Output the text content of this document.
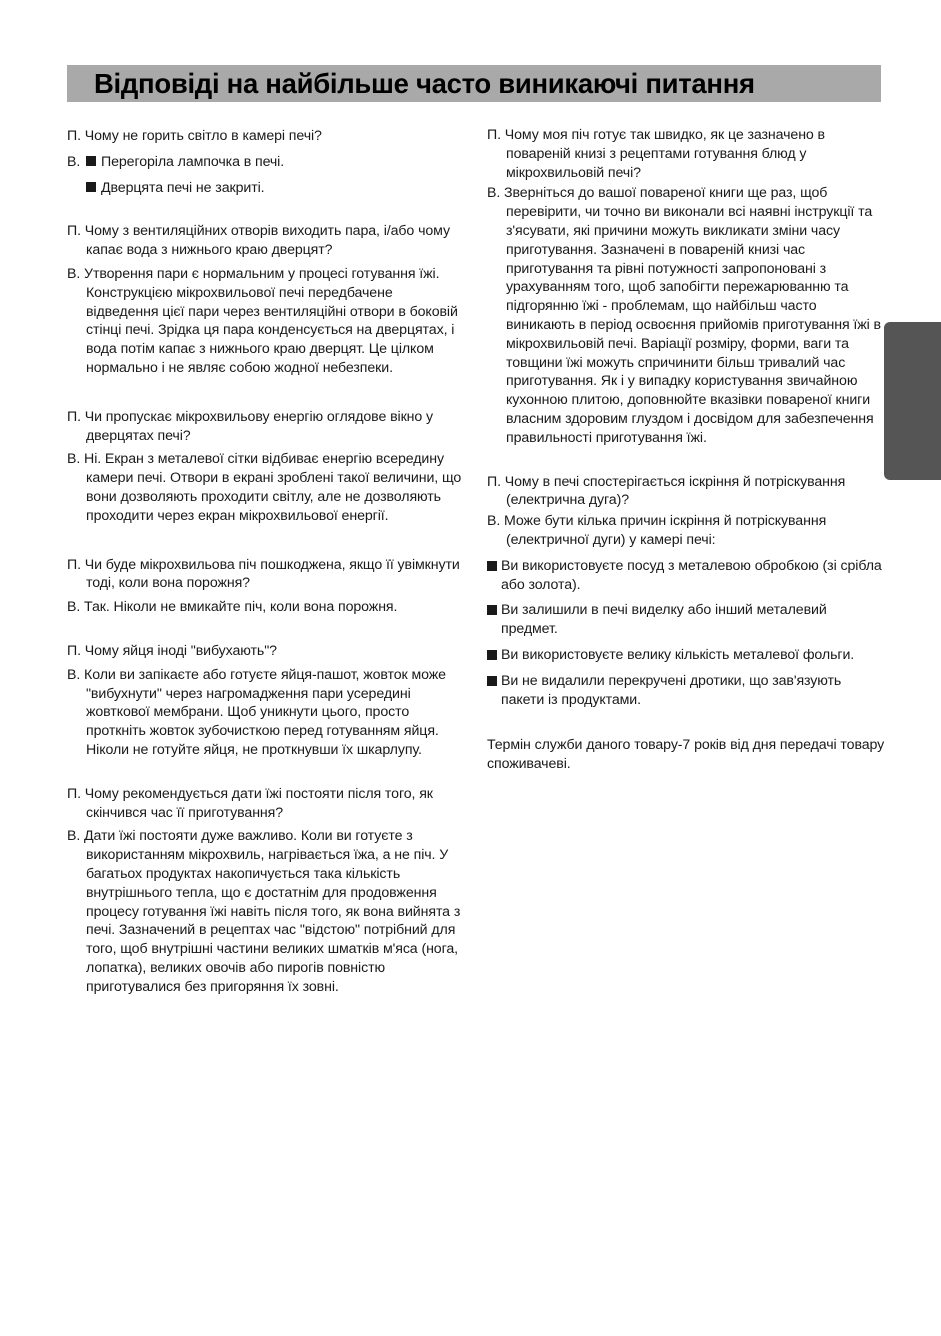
Відповіді на найбільше часто виникаючі питання

П. Чому не горить світло в камері печі?

В.	Перегоріла лампочка в печі.

Дверцята печі не закриті.

П. Чому з вентиляційних отворів виходить пара, і/або чому капає вода з нижнього краю дверцят?

В. Утворення пари є нормальним у процесі готування їжі. Конструкцією мікрохвильової печі передбачене відведення цієї пари через вентиляційні отвори в боковій стінці печі. Зрідка ця пара конденсується на дверцятах, і вода потім капає з нижнього краю дверцят. Це цілком нормально і не являє собою жодної небезпеки.

П. Чи пропускає мікрохвильову енергію оглядове вікно у дверцятах печі?

В. Ні. Екран з металевої сітки відбиває енергію всередину камери печі. Отвори в екрані зроблені такої величини, що вони дозволяють проходити світлу, але не дозволяють проходити через екран мікрохвильової енергії.

П. Чи буде мікрохвильова піч пошкоджена, якщо її увімкнути тоді, коли вона порожня?

В. Так. Ніколи не вмикайте піч, коли вона порожня.

П. Чому яйця іноді "вибухають"?

В. Коли ви запікаєте або готуєте яйця-пашот, жовток може "вибухнути" через нагромадження пари усередині жовткової мембрани. Щоб уникнути цього, просто проткніть жовток зубочисткою перед готуванням яйця. Ніколи не готуйте яйця, не проткнувши їх шкарлупу.

П. Чому рекомендується дати їжі постояти після того, як скінчився час її приготування?

В. Дати їжі постояти дуже важливо. Коли ви готуєте з використанням мікрохвиль, нагрівається їжа, а не піч. У багатьох продуктах накопичується така кількість внутрішнього тепла, що є достатнім для продовження процесу готування їжі навіть після того, як вона вийнята з печі. Зазначений в рецептах час "відстою" потрібний для того, щоб внутрішні частини великих шматків м'яса (нога, лопатка), великих овочів або пирогів повністю приготувалися без пригоряння їх зовні.

П. Чому моя піч готує так швидко, як це зазначено в повареній книзі з рецептами готування блюд у мікрохвильовій печі?

В. Зверніться до вашої повареної книги ще раз, щоб перевірити, чи точно ви виконали всі наявні інструкції та з'ясувати, які причини можуть викликати зміни часу приготування. Зазначені в повареній книзі час приготування та рівні потужності запропоновані з урахуванням того, щоб запобігти пережарюванню та підгорянню їжі - проблемам, що найбільш часто виникають в період освоєння прийомів приготування їжі в мікрохвильовій печі. Варіації розміру, форми, ваги та товщини їжі можуть спричинити більш тривалий час приготування. Як і у випадку користування звичайною кухонною плитою, доповнюйте вказівки повареної книги власним здоровим глуздом і досвідом для забезпечення правильності приготування їжі.

П. Чому в печі спостерігається іскріння й потріскування (електрична дуга)?

В. Може бути кілька причин іскріння й потріскування (електричної дуги) у камері печі:

Ви використовуєте посуд з металевою обробкою (зі срібла або золота).
Ви залишили в печі виделку або інший металевий предмет.
Ви використовуєте велику кількість металевої фольги.
Ви не видалили перекручені дротики, що зав'язують пакети із продуктами.

Термін служби даного товару-7 років від дня передачі товару споживачеві.
